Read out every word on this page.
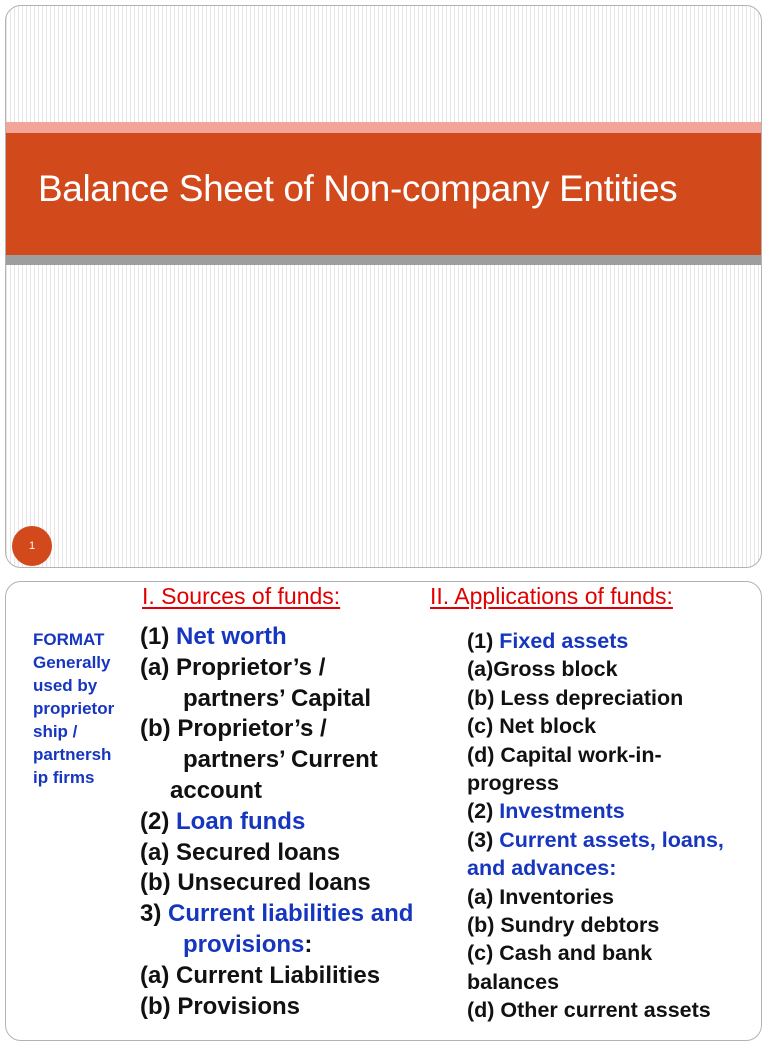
Balance Sheet of Non-company Entities
1
I. Sources of funds:	II. Applications of funds:
FORMAT
Generally
used by
proprietor
ship /
partnersh
ip firms
(1) Net worth
(a) Proprietor’s /
partners’ Capital
(b) Proprietor’s /
partners’ Current
account
(2) Loan funds
(a) Secured loans
(b) Unsecured loans
3) Current liabilities and
provisions:
(a) Current Liabilities
(b) Provisions
(1) Fixed assets
(a)Gross block
(b) Less depreciation
(c) Net block
(d) Capital work-in-
progress
(2) Investments
(3) Current assets, loans,
and advances:
(a) Inventories
(b) Sundry debtors
(c) Cash and bank
balances
(d) Other current assets
